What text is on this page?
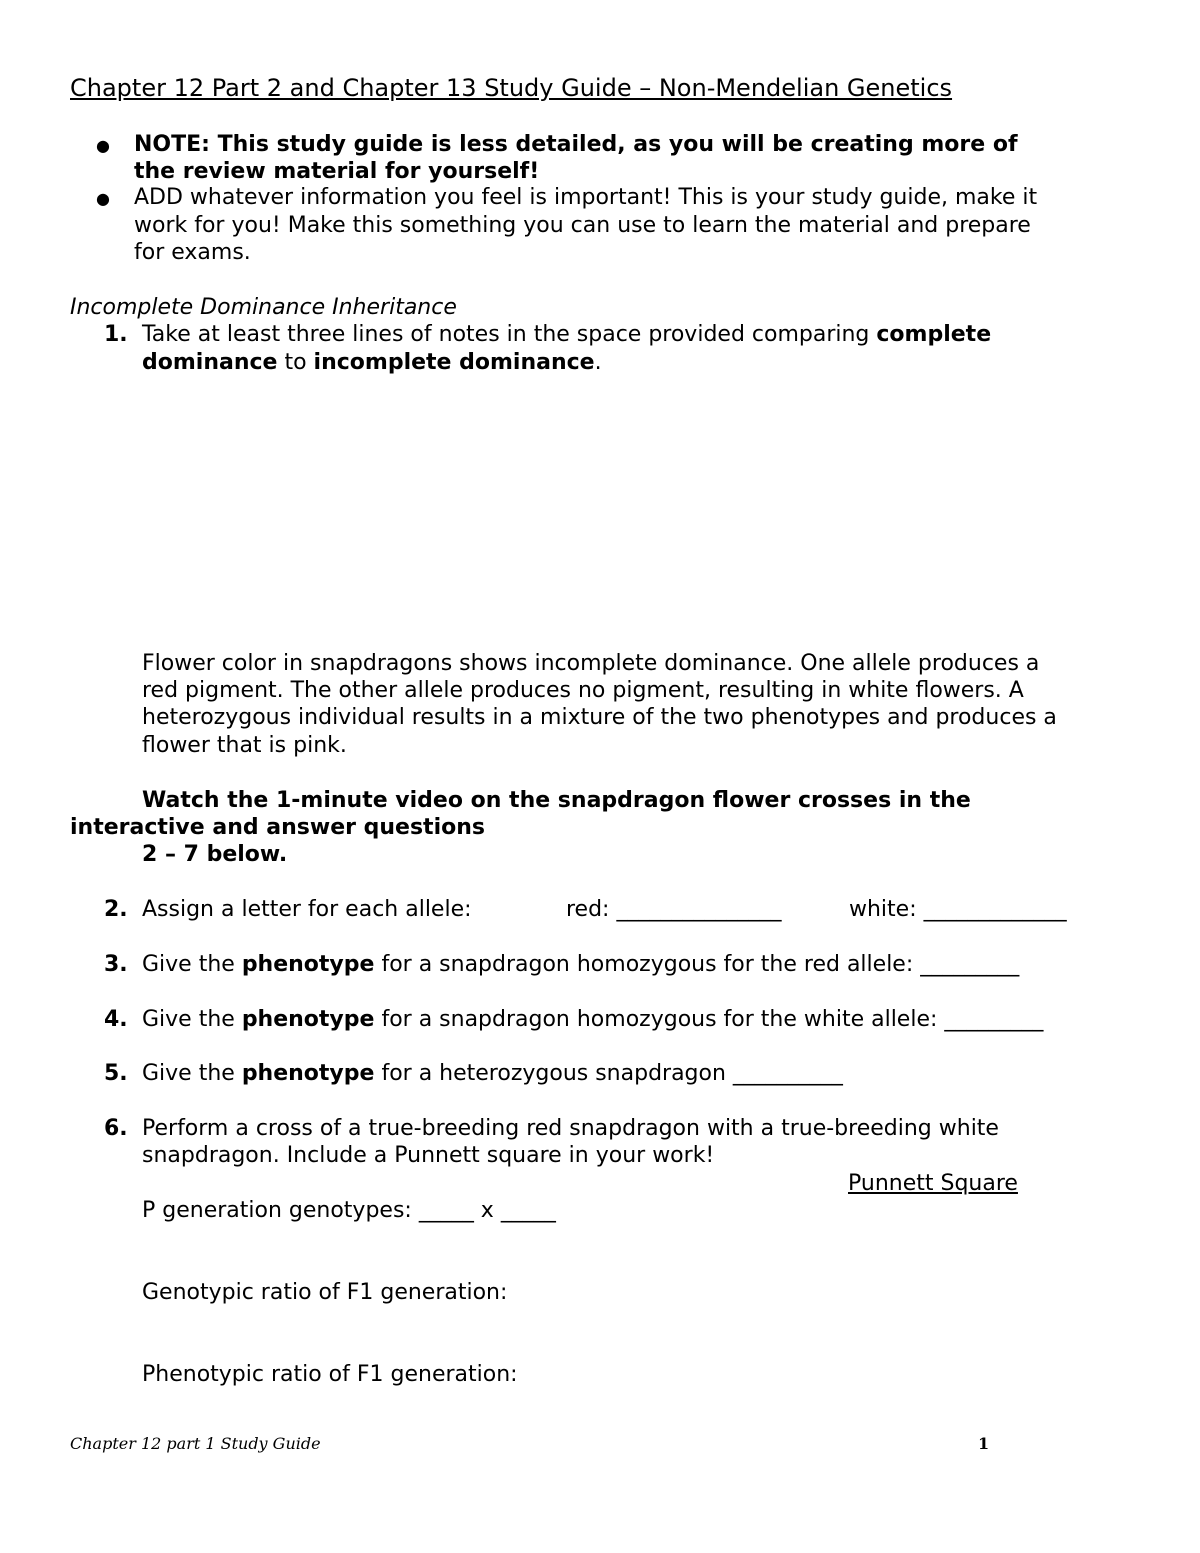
Chapter 12 Part 2 and Chapter 13 Study Guide – Non-Mendelian Genetics
● NOTE: This study guide is less detailed, as you will be creating more of
the review material for yourself!
● ADD whatever information you feel is important! This is your study guide, make it
work for you! Make this something you can use to learn the material and prepare
for exams.
Incomplete Dominance Inheritance
1. Take at least three lines of notes in the space provided comparing complete
dominance to incomplete dominance.
Flower color in snapdragons shows incomplete dominance. One allele produces a
red pigment. The other allele produces no pigment, resulting in white flowers. A
heterozygous individual results in a mixture of the two phenotypes and produces a
flower that is pink.
Watch the 1-minute video on the snapdragon flower crosses in the
interactive and answer questions
2 – 7 below.
2. Assign a letter for each allele:	red: _______________	white: _____________
3. Give the phenotype for a snapdragon homozygous for the red allele: _________
4. Give the phenotype for a snapdragon homozygous for the white allele: _________
5. Give the phenotype for a heterozygous snapdragon __________
6. Perform a cross of a true-breeding red snapdragon with a true-breeding white
snapdragon. Include a Punnett square in your work!
Punnett Square
P generation genotypes: _____ x _____
Genotypic ratio of F1 generation:
Phenotypic ratio of F1 generation:
Chapter 12 part 1 Study Guide	1
